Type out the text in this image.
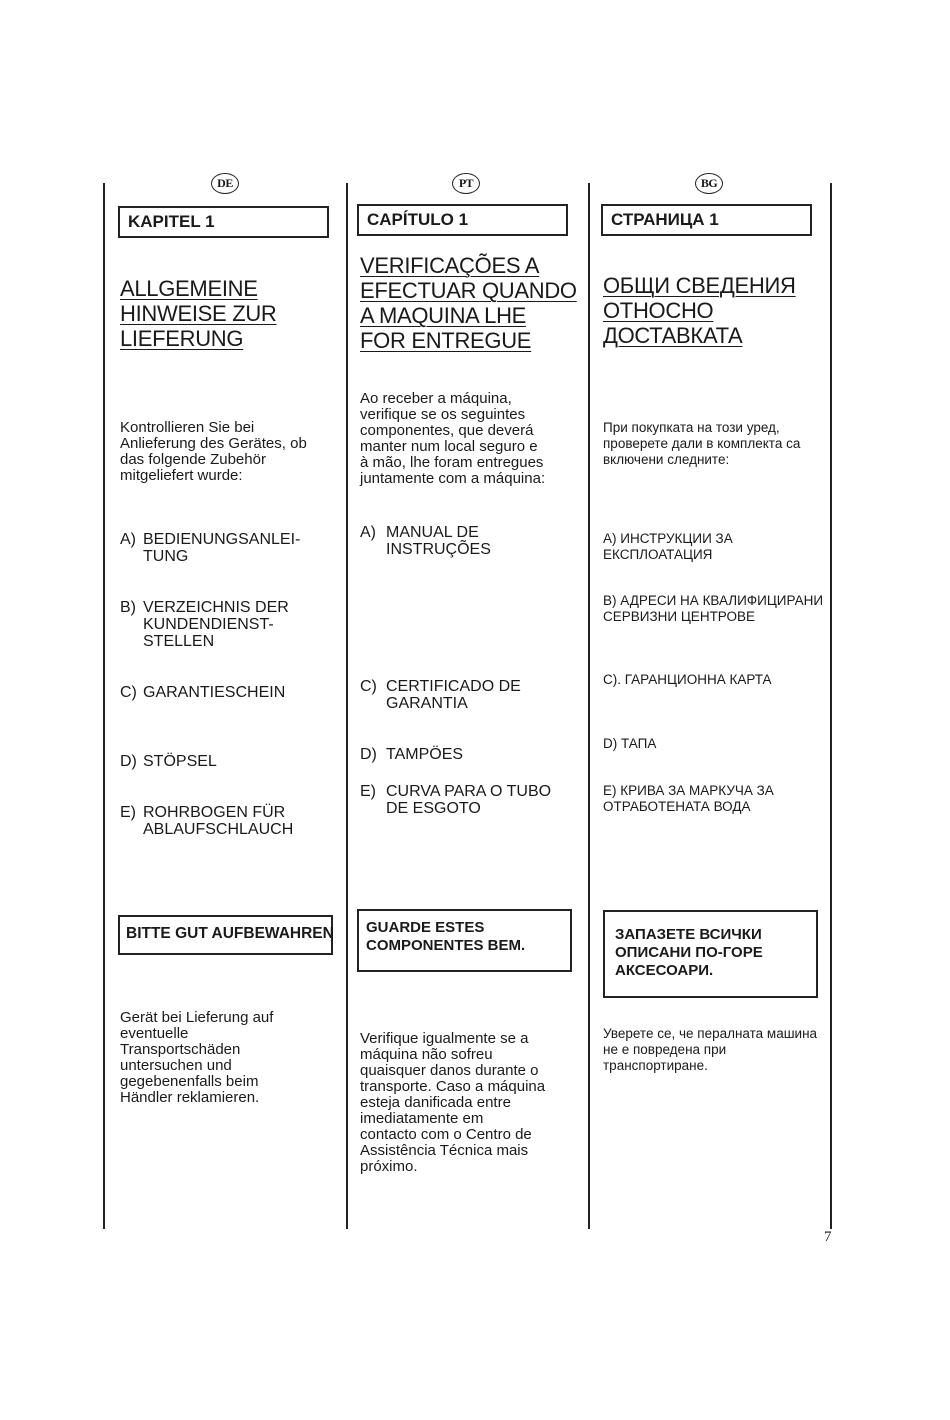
DE
KAPITEL 1
ALLGEMEINE
HINWEISE ZUR
LIEFERUNG
Kontrollieren Sie bei
Anlieferung des Gerätes, ob
das folgende Zubehör
mitgeliefert wurde:
A) BEDIENUNGSANLEI-
TUNG
B) VERZEICHNIS DER
KUNDENDIENST-
STELLEN
C) GARANTIESCHEIN
D) STÖPSEL
E) ROHRBOGEN FÜR
ABLAUFSCHLAUCH
BITTE GUT AUFBEWAHREN
Gerät bei Lieferung auf
eventuelle
Transportschäden
untersuchen und
gegebenenfalls beim
Händler reklamieren.
PT
CAPÍTULO 1
VERIFICAÇÕES A
EFECTUAR QUANDO
A MAQUINA LHE
FOR ENTREGUE
Ao receber a máquina,
verifique se os seguintes
componentes, que deverá
manter num local seguro e
à mão, lhe foram entregues
juntamente com a máquina:
A) MANUAL DE
INSTRUÇÕES
C) CERTIFICADO DE
GARANTIA
D) TAMPÖES
E) CURVA PARA O TUBO
DE ESGOTO
GUARDE ESTES
COMPONENTES BEM.
Verifique igualmente se a
máquina não sofreu
quaisquer danos durante o
transporte. Caso a máquina
esteja danificada entre
imediatamente em
contacto com o Centro de
Assistência Técnica mais
próximo.
BG
СТРАНИЦА 1
ОБЩИ СВЕДЕНИЯ
ОТНОСНО
ДОСТАВКАТА
При покупката на този уред,
проверете дали в комплекта са
включени следните:
А) ИНСТРУКЦИИ ЗА
ЕКСПЛОАТАЦИЯ
В) АДРЕСИ НА КВАЛИФИЦИРАНИ
СЕРВИЗНИ ЦЕНТРОВЕ
С). ГАРАНЦИОННА КАРТА
D) ТАПА
Е) КРИВА ЗА МАРКУЧА ЗА
ОТРАБОТЕНАТА ВОДА
ЗАПАЗЕТЕ ВСИЧКИ
ОПИСАНИ ПО-ГОРЕ
АКСЕСОАРИ.
Уверете се, че пералната машина
не е повредена при
транспортиране.
7
